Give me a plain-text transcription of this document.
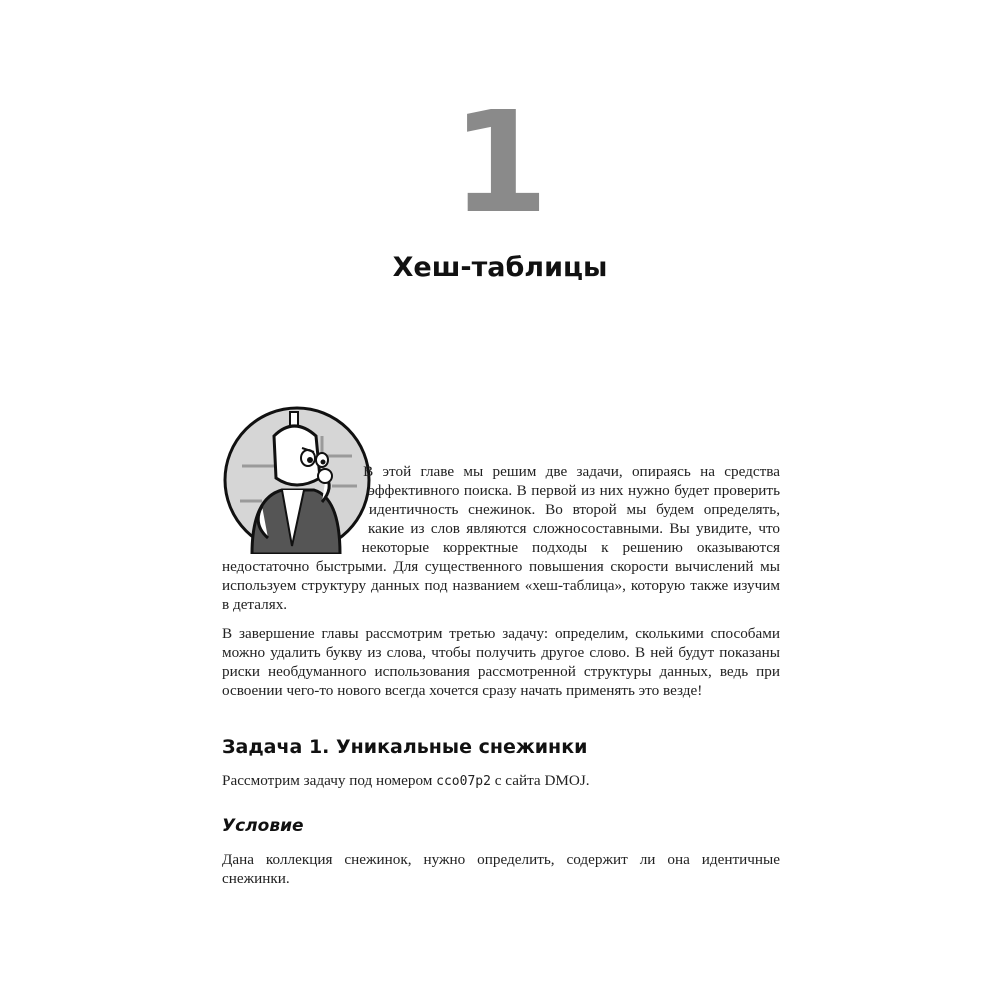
1
Хеш-таблицы

В этой главе мы решим две задачи, опираясь на средства эффективного поиска. В первой из них нужно будет проверить идентичность снежинок. Во второй мы будем определять, какие из слов являются сложносоставными. Вы увидите, что некоторые корректные подходы к решению оказываются недостаточно быстрыми. Для существенного повышения скорости вычислений мы используем структуру данных под названием «хеш-таблица», которую также изучим в деталях.

В завершение главы рассмотрим третью задачу: определим, сколькими способами можно удалить букву из слова, чтобы получить другое слово. В ней будут показаны риски необдуманного использования рассмотренной структуры данных, ведь при освоении чего-то нового всегда хочется сразу начать применять это везде!

Задача 1. Уникальные снежинки
Рассмотрим задачу под номером cco07p2 с сайта DMOJ.
Условие
Дана коллекция снежинок, нужно определить, содержит ли она идентичные снежинки.
